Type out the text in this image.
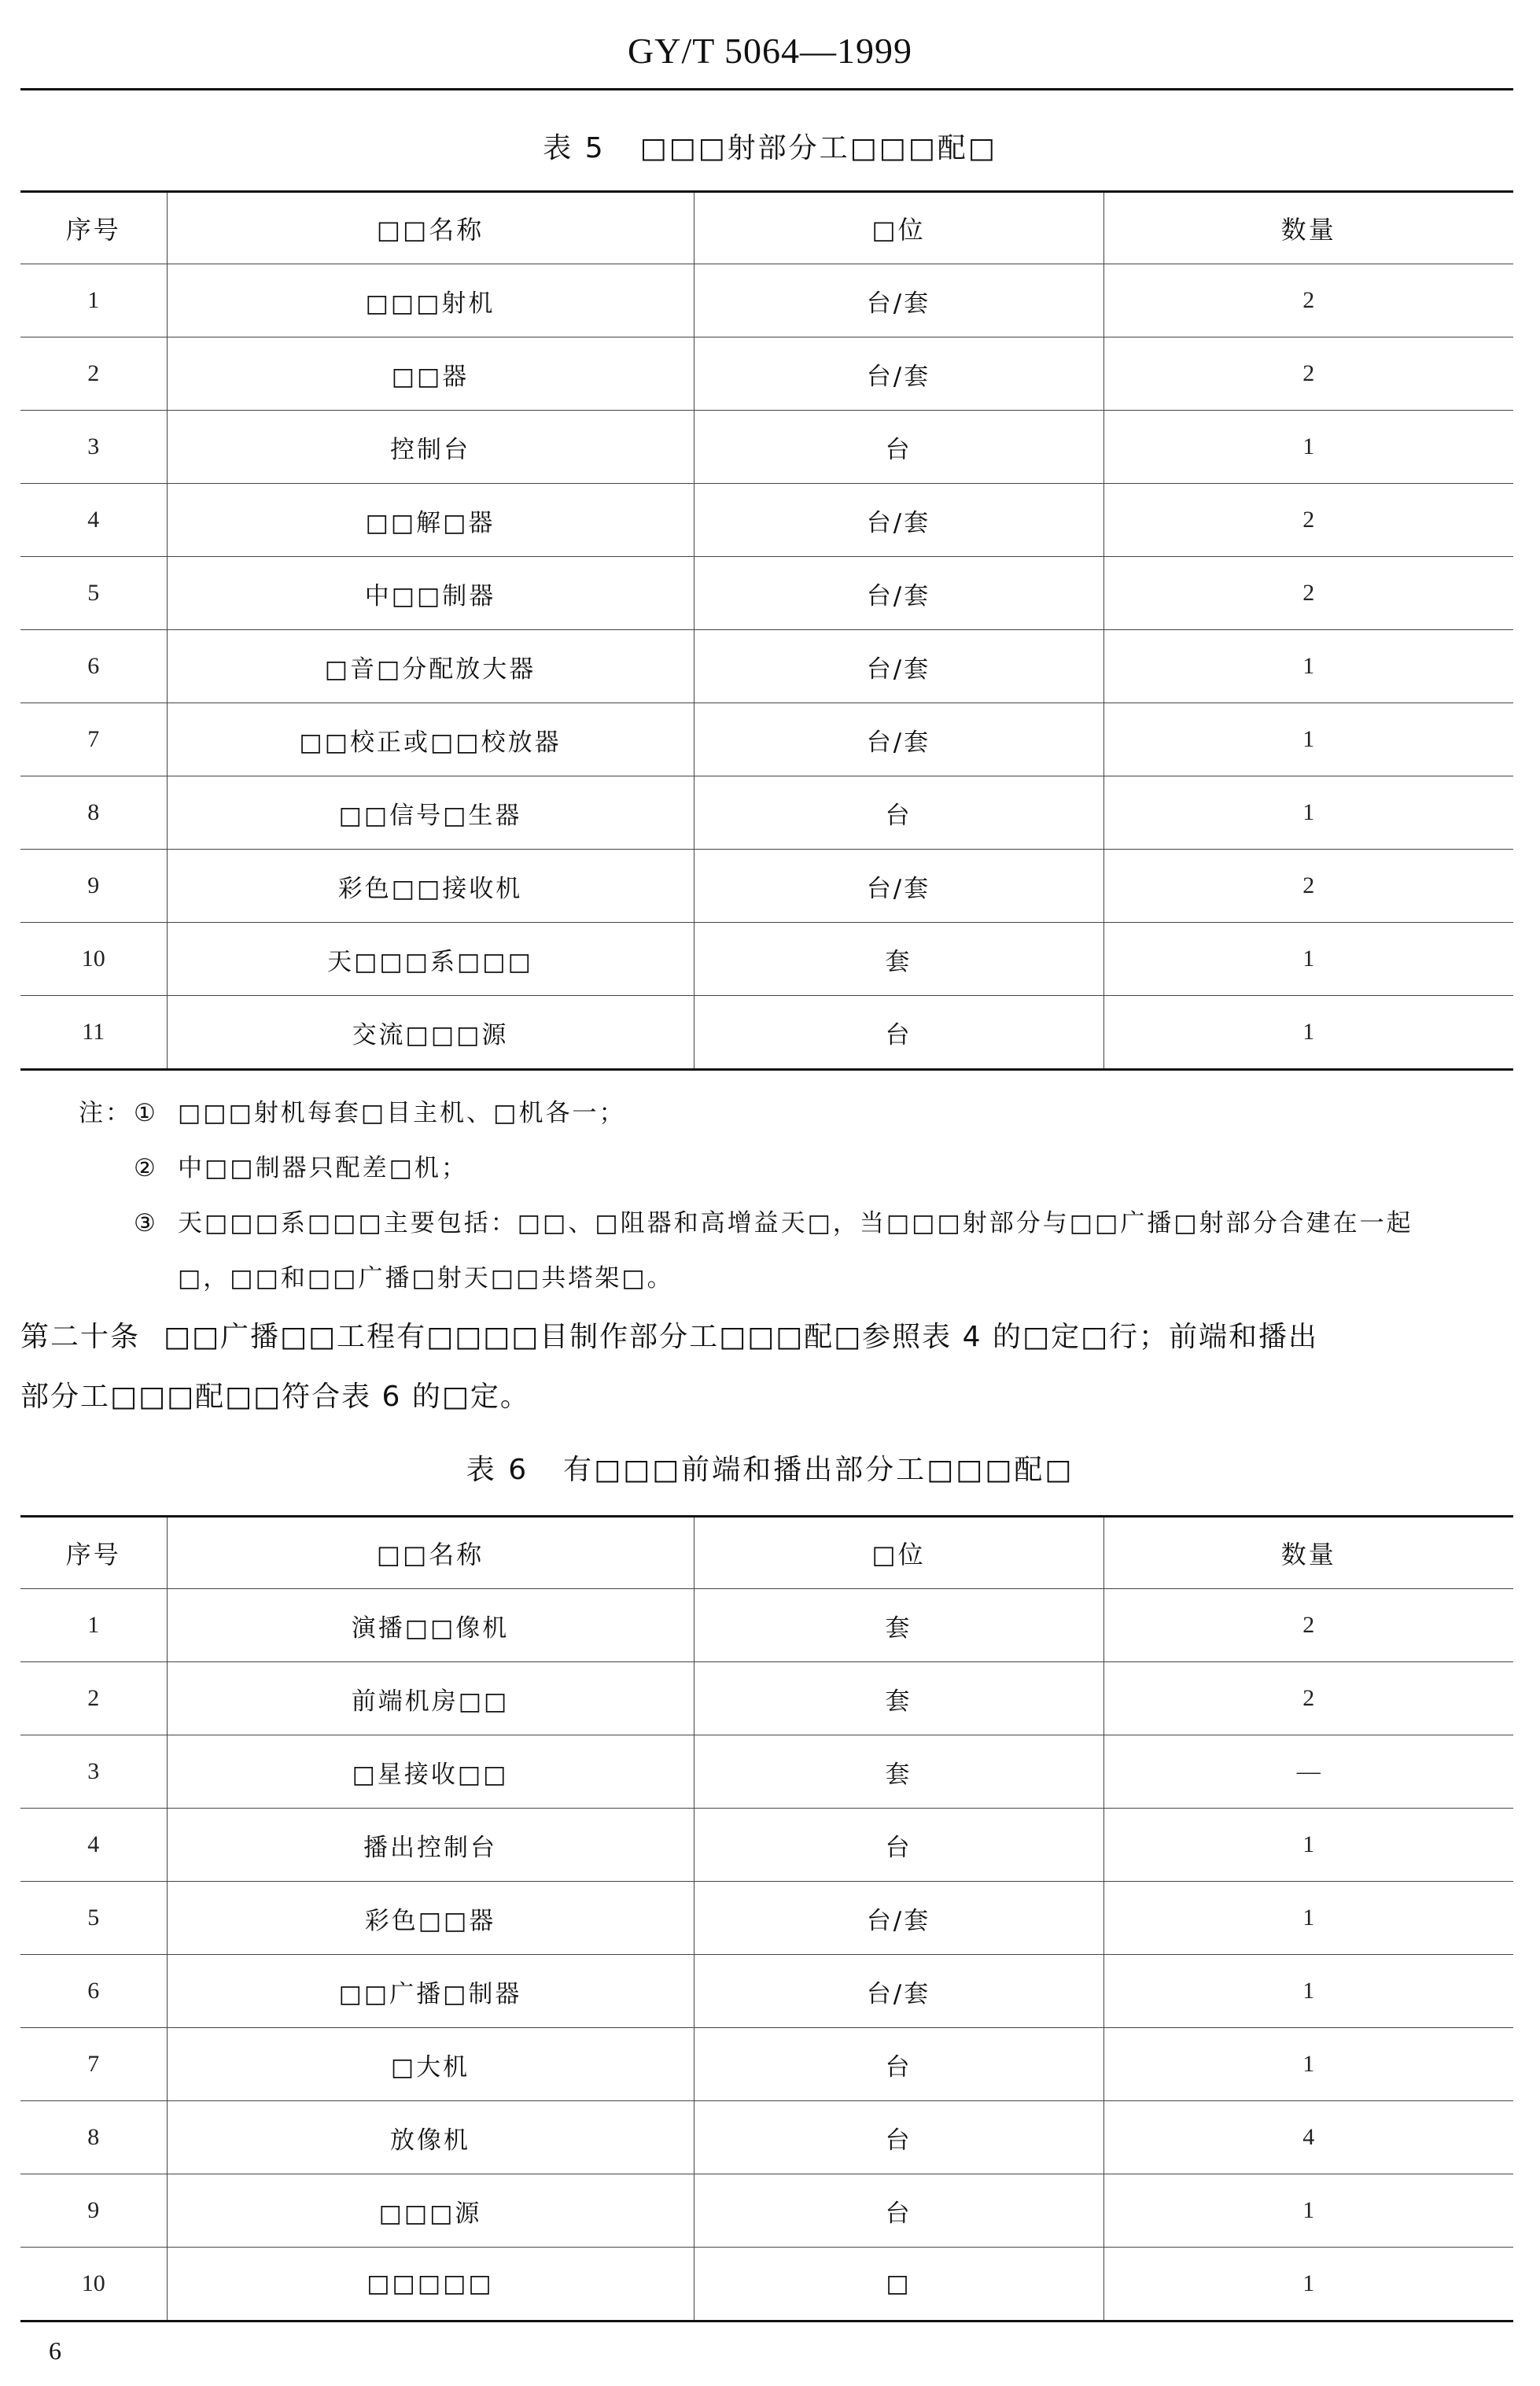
GY/T 5064—1999
表 5 □□□射部分工□□□配□
序号	□□名称	□位	数量
1	□□□射机	台/套	2
2	□□器	台/套	2
3	控制台	台	1
4	□□解□器	台/套	2
5	中□□制器	台/套	2
6	□音□分配放大器	台/套	1
7	□□校正或□□校放器	台/套	1
8	□□信号□生器	台	1
9	彩色□□接收机	台/套	2
10	天□□□系□□□	套	1
11	交流□□□源	台	1
注：① □□□射机每套□目主机、□机各一；
② 中□□制器只配差□机；
③ 天□□□系□□□主要包括：□□、□阻器和高增益天□，当□□□射部分与□□广播□射部分合建在一起
□，□□和□□广播□射天□□共塔架□。
第二十条 □□广播□□工程有□□□□目制作部分工□□□配□参照表 4 的□定□行；前端和播出
部分工□□□配□□符合表 6 的□定。
表 6 有□□□前端和播出部分工□□□配□
序号	□□名称	□位	数量
1	演播□□像机	套	2
2	前端机房□□	套	2
3	□星接收□□	套	—
4	播出控制台	台	1
5	彩色□□器	台/套	1
6	□□广播□制器	台/套	1
7	□大机	台	1
8	放像机	台	4
9	□□□源	台	1
10	□□□□□	□	1
6
